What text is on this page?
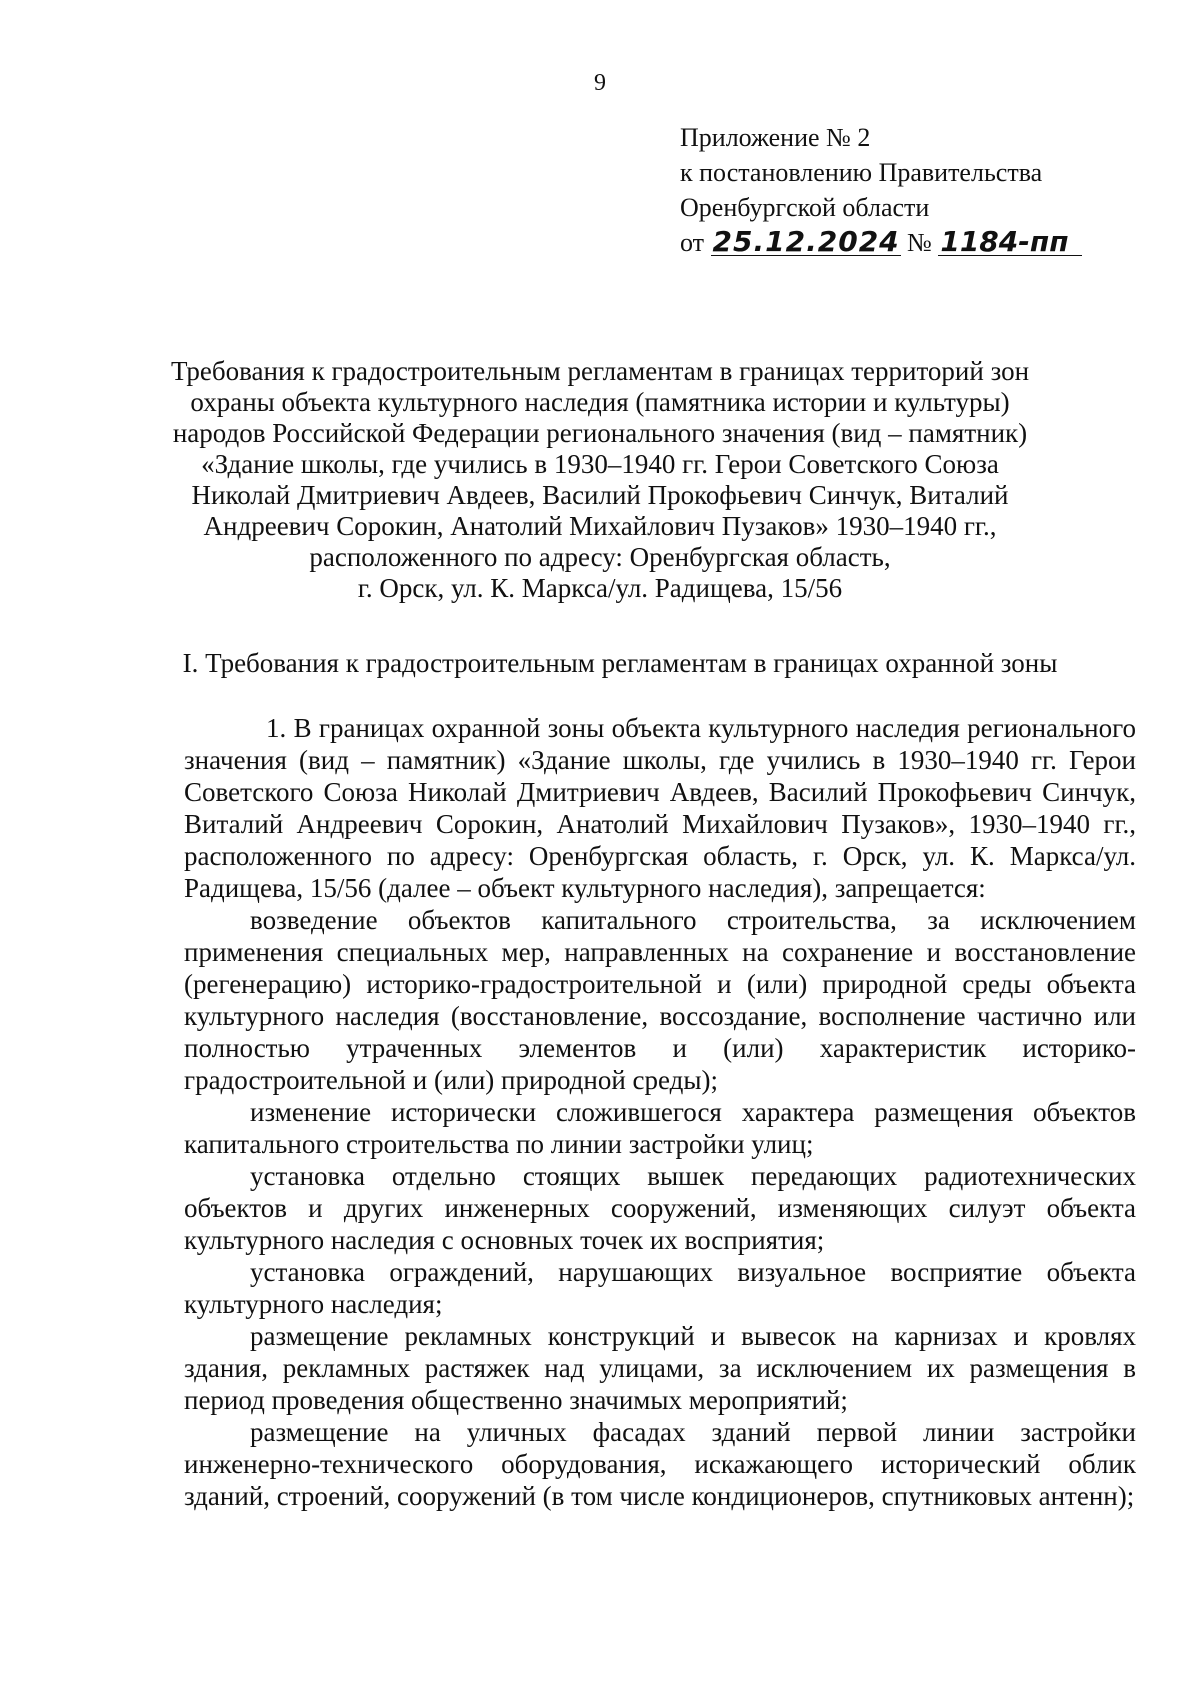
9
Приложение № 2
к постановлению Правительства
Оренбургской области
от 25.12.2024 № 1184-пп
Требования к градостроительным регламентам в границах территорий зон
охраны объекта культурного наследия (памятника истории и культуры)
народов Российской Федерации регионального значения (вид – памятник)
«Здание школы, где учились в 1930–1940 гг. Герои Советского Союза
Николай Дмитриевич Авдеев, Василий Прокофьевич Синчук, Виталий
Андреевич Сорокин, Анатолий Михайлович Пузаков» 1930–1940 гг.,
расположенного по адресу: Оренбургская область,
г. Орск, ул. К. Маркса/ул. Радищева, 15/56
I. Требования к градостроительным регламентам в границах охранной зоны

1. В границах охранной зоны объекта культурного наследия регионального значения (вид – памятник) «Здание школы, где учились в 1930–1940 гг. Герои Советского Союза Николай Дмитриевич Авдеев, Василий Прокофьевич Синчук, Виталий Андреевич Сорокин, Анатолий Михайлович Пузаков», 1930–1940 гг., расположенного по адресу: Оренбургская область, г. Орск, ул. К. Маркса/ул. Радищева, 15/56 (далее – объект культурного наследия), запрещается:

возведение объектов капитального строительства, за исключением применения специальных мер, направленных на сохранение и восстановление (регенерацию) историко-градостроительной и (или) природной среды объекта культурного наследия (восстановление, воссоздание, восполнение частично или полностью утраченных элементов и (или) характеристик историко-градостроительной и (или) природной среды);

изменение исторически сложившегося характера размещения объектов капитального строительства по линии застройки улиц;

установка отдельно стоящих вышек передающих радиотехнических объектов и других инженерных сооружений, изменяющих силуэт объекта культурного наследия с основных точек их восприятия;

установка ограждений, нарушающих визуальное восприятие объекта культурного наследия;

размещение рекламных конструкций и вывесок на карнизах и кровлях здания, рекламных растяжек над улицами, за исключением их размещения в период проведения общественно значимых мероприятий;

размещение на уличных фасадах зданий первой линии застройки инженерно-технического оборудования, искажающего исторический облик зданий, строений, сооружений (в том числе кондиционеров, спутниковых антенн);
